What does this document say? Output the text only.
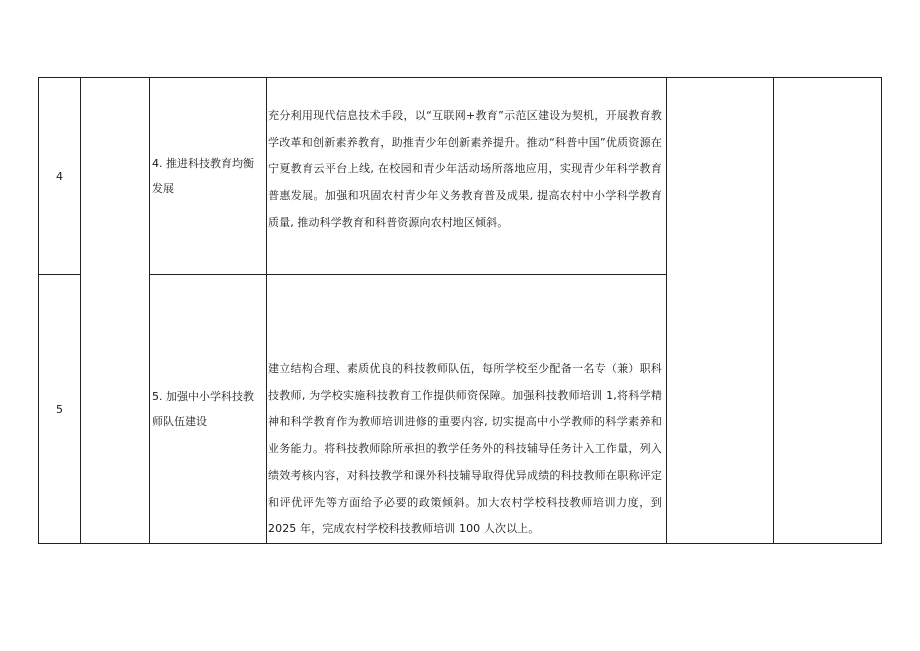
4		4. 推进科技教育均衡发展	充分利用现代信息技术手段，以“互联网+教育”示范区建设为契机，开展教育教学改革和创新素养教育，助推青少年创新素养提升。推动“科普中国”优质资源在宁夏教育云平台上线, 在校园和青少年活动场所落地应用，实现青少年科学教育普惠发展。加强和巩固农村青少年义务教育普及成果, 提高农村中小学科学教育质量, 推动科学教育和科普资源向农村地区倾斜。		
5		5. 加强中小学科技教师队伍建设	建立结构合理、素质优良的科技教师队伍，每所学校至少配备一名专（兼）职科技教师, 为学校实施科技教育工作提供师资保障。加强科技教师培训 1,将科学精神和科学教育作为教师培训进修的重要内容, 切实提高中小学教师的科学素养和业务能力。将科技教师除所承担的教学任务外的科技辅导任务计入工作量，列入绩效考核内容，对科技教学和课外科技辅导取得优异成绩的科技教师在职称评定和评优评先等方面给予必要的政策倾斜。加大农村学校科技教师培训力度，到 2025 年，完成农村学校科技教师培训 100 人次以上。		
